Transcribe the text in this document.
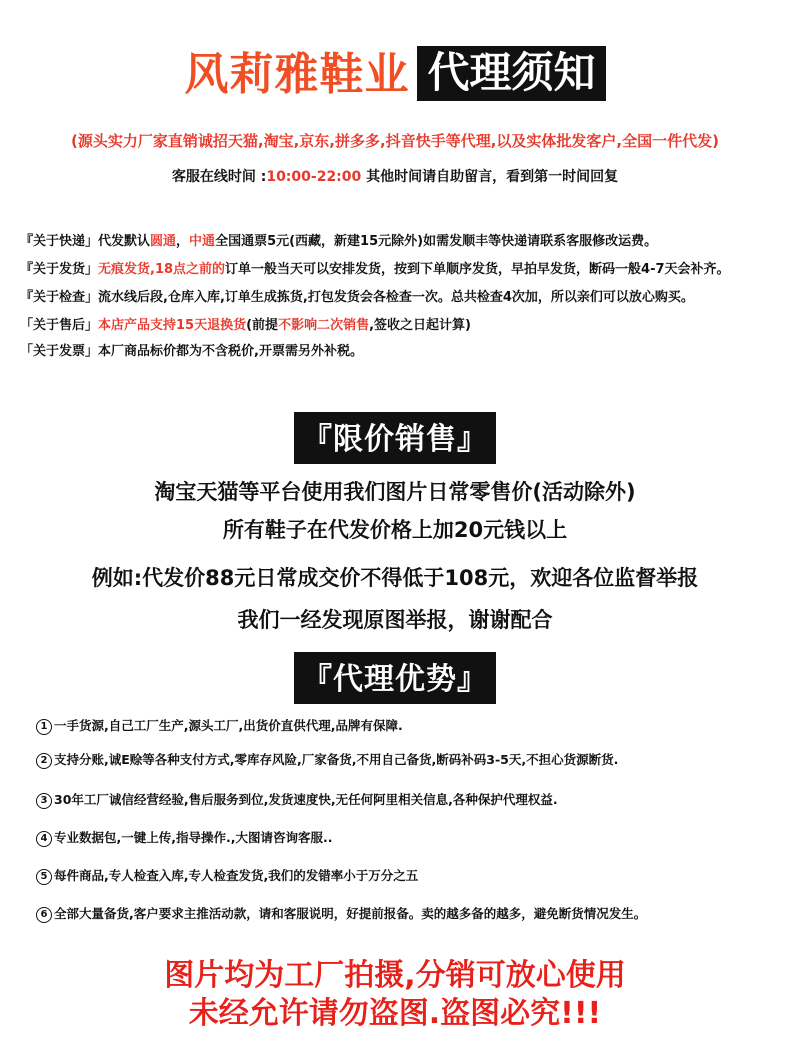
风莉雅鞋业 代理须知
(源头实力厂家直销诚招天猫,淘宝,京东,拼多多,抖音快手等代理,以及实体批发客户,全国一件代发)
客服在线时间 :10:00-22:00 其他时间请自助留言，看到第一时间回复
『关于快递」代发默认圆通，中通全国通票5元(西藏，新建15元除外)如需发顺丰等快递请联系客服修改运费。
『关于发货」无痕发货,18点之前的订单一般当天可以安排发货，按到下单顺序发货，早拍早发货，断码一般4-7天会补齐。
『关于检查」流水线后段,仓库入库,订单生成拣货,打包发货会各检查一次。总共检查4次加，所以亲们可以放心购买。
「关于售后」本店产品支持15天退换货(前提不影响二次销售,签收之日起计算)
「关于发票」本厂商品标价都为不含税价,开票需另外补税。
『限价销售』
淘宝天猫等平台使用我们图片日常零售价(活动除外)
所有鞋子在代发价格上加20元钱以上
例如:代发价88元日常成交价不得低于108元，欢迎各位监督举报
我们一经发现原图举报，谢谢配合
『代理优势』
1 一手货源,自己工厂生产,源头工厂,出货价直供代理,品牌有保障.
2 支持分账,诚E赊等各种支付方式,零库存风险,厂家备货,不用自己备货,断码补码3-5天,不担心货源断货.
3 30年工厂诚信经营经验,售后服务到位,发货速度快,无任何阿里相关信息,各种保护代理权益.
4 专业数据包,一键上传,指导操作.,大图请咨询客服..
5 每件商品,专人检查入库,专人检查发货,我们的发错率小于万分之五
6 全部大量备货,客户要求主推活动款，请和客服说明，好提前报备。卖的越多备的越多，避免断货情况发生。
图片均为工厂拍摄,分销可放心使用
未经允许请勿盗图.盗图必究!!!
